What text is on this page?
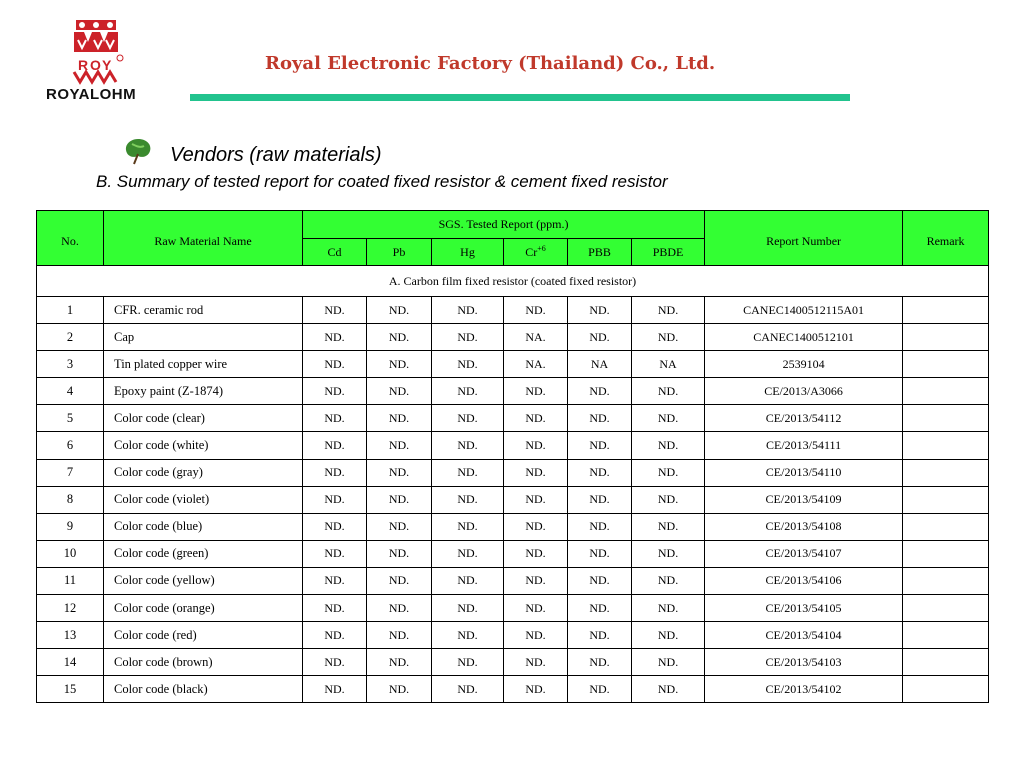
R O Y
ROYALOHM
Royal Electronic Factory (Thailand) Co., Ltd.
Vendors (raw materials)
B. Summary of tested report for coated fixed resistor & cement fixed resistor
No.	Raw Material Name	SGS. Tested Report (ppm.)						Report Number	Remark
		Cd	Pb	Hg	$Cr^{+6}$	PBB	PBDE		
A. Carbon film fixed resistor (coated fixed resistor)									
1	CFR. ceramic rod	ND.	ND.	ND.	ND.	ND.	ND.	CANEC1400512115A01	
2	Cap	ND.	ND.	ND.	NA.	ND.	ND.	CANEC1400512101	
3	Tin plated copper wire	ND.	ND.	ND.	NA.	NA	NA	2539104	
4	Epoxy paint (Z-1874)	ND.	ND.	ND.	ND.	ND.	ND.	CE/2013/A3066	
5	Color code (clear)	ND.	ND.	ND.	ND.	ND.	ND.	CE/2013/54112	
6	Color code (white)	ND.	ND.	ND.	ND.	ND.	ND.	CE/2013/54111	
7	Color code (gray)	ND.	ND.	ND.	ND.	ND.	ND.	CE/2013/54110	
8	Color code (violet)	ND.	ND.	ND.	ND.	ND.	ND.	CE/2013/54109	
9	Color code (blue)	ND.	ND.	ND.	ND.	ND.	ND.	CE/2013/54108	
10	Color code (green)	ND.	ND.	ND.	ND.	ND.	ND.	CE/2013/54107	
11	Color code (yellow)	ND.	ND.	ND.	ND.	ND.	ND.	CE/2013/54106	
12	Color code (orange)	ND.	ND.	ND.	ND.	ND.	ND.	CE/2013/54105	
13	Color code (red)	ND.	ND.	ND.	ND.	ND.	ND.	CE/2013/54104	
14	Color code (brown)	ND.	ND.	ND.	ND.	ND.	ND.	CE/2013/54103	
15	Color code (black)	ND.	ND.	ND.	ND.	ND.	ND.	CE/2013/54102	
